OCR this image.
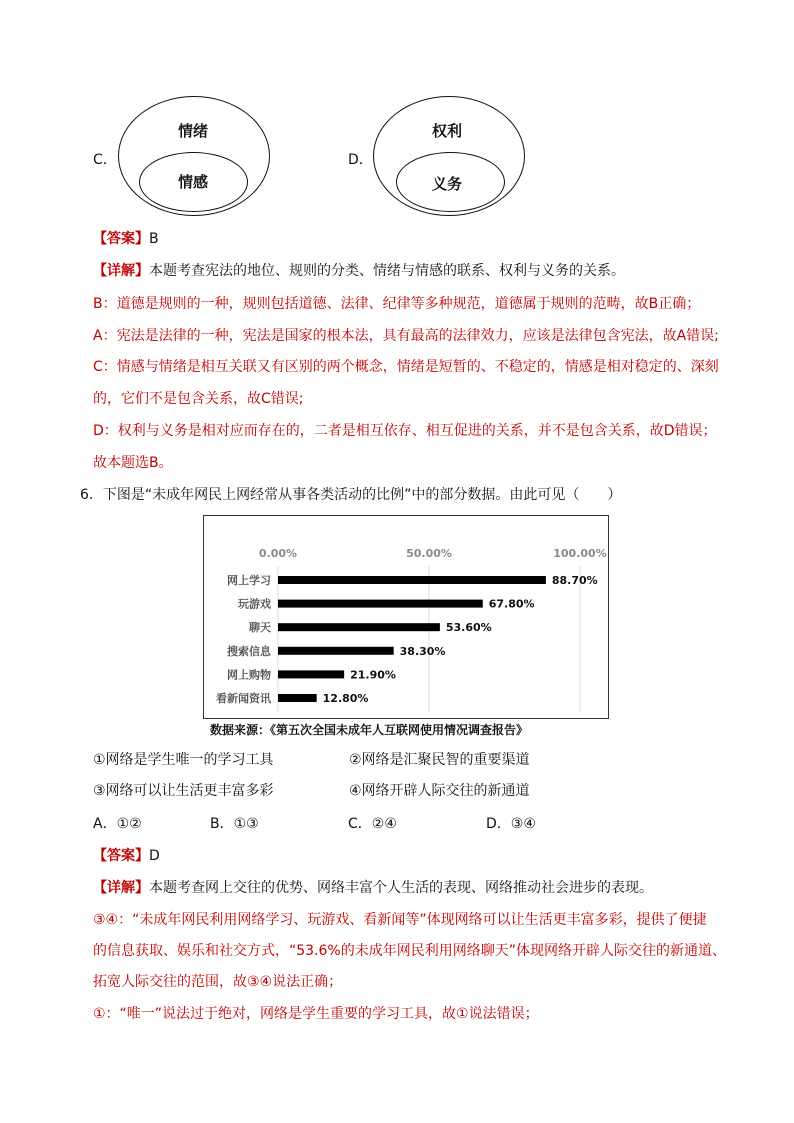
C．
情绪
情感
D．
权利
义务
【答案】B
【详解】本题考查宪法的地位、规则的分类、情绪与情感的联系、权利与义务的关系。
B：道德是规则的一种，规则包括道德、法律、纪律等多种规范，道德属于规则的范畴，故B正确；
A：宪法是法律的一种，宪法是国家的根本法，具有最高的法律效力，应该是法律包含宪法，故A错误;
C：情感与情绪是相互关联又有区别的两个概念，情绪是短暂的、不稳定的，情感是相对稳定的、深刻
的，它们不是包含关系，故C错误;
D：权利与义务是相对应而存在的，二者是相互依存、相互促进的关系，并不是包含关系，故D错误；
故本题选B。
6．下图是“未成年网民上网经常从事各类活动的比例”中的部分数据。由此可见（　　）
0.00%	50.00%	100.00%
网上学习	88.70%
玩游戏	67.80%
聊天	53.60%
搜索信息	38.30%
网上购物	21.90%
看新闻资讯	12.80%
数据来源：《第五次全国未成年人互联网使用情况调查报告》
①网络是学生唯一的学习工具	②网络是汇聚民智的重要渠道
③网络可以让生活更丰富多彩	④网络开辟人际交往的新通道
A．①②	B．①③	C．②④	D．③④
【答案】D
【详解】本题考查网上交往的优势、网络丰富个人生活的表现、网络推动社会进步的表现。
③④：“未成年网民利用网络学习、玩游戏、看新闻等”体现网络可以让生活更丰富多彩，提供了便捷
的信息获取、娱乐和社交方式，“53.6%的未成年网民利用网络聊天”体现网络开辟人际交往的新通道、
拓宽人际交往的范围，故③④说法正确；
①：“唯一”说法过于绝对，网络是学生重要的学习工具，故①说法错误；
